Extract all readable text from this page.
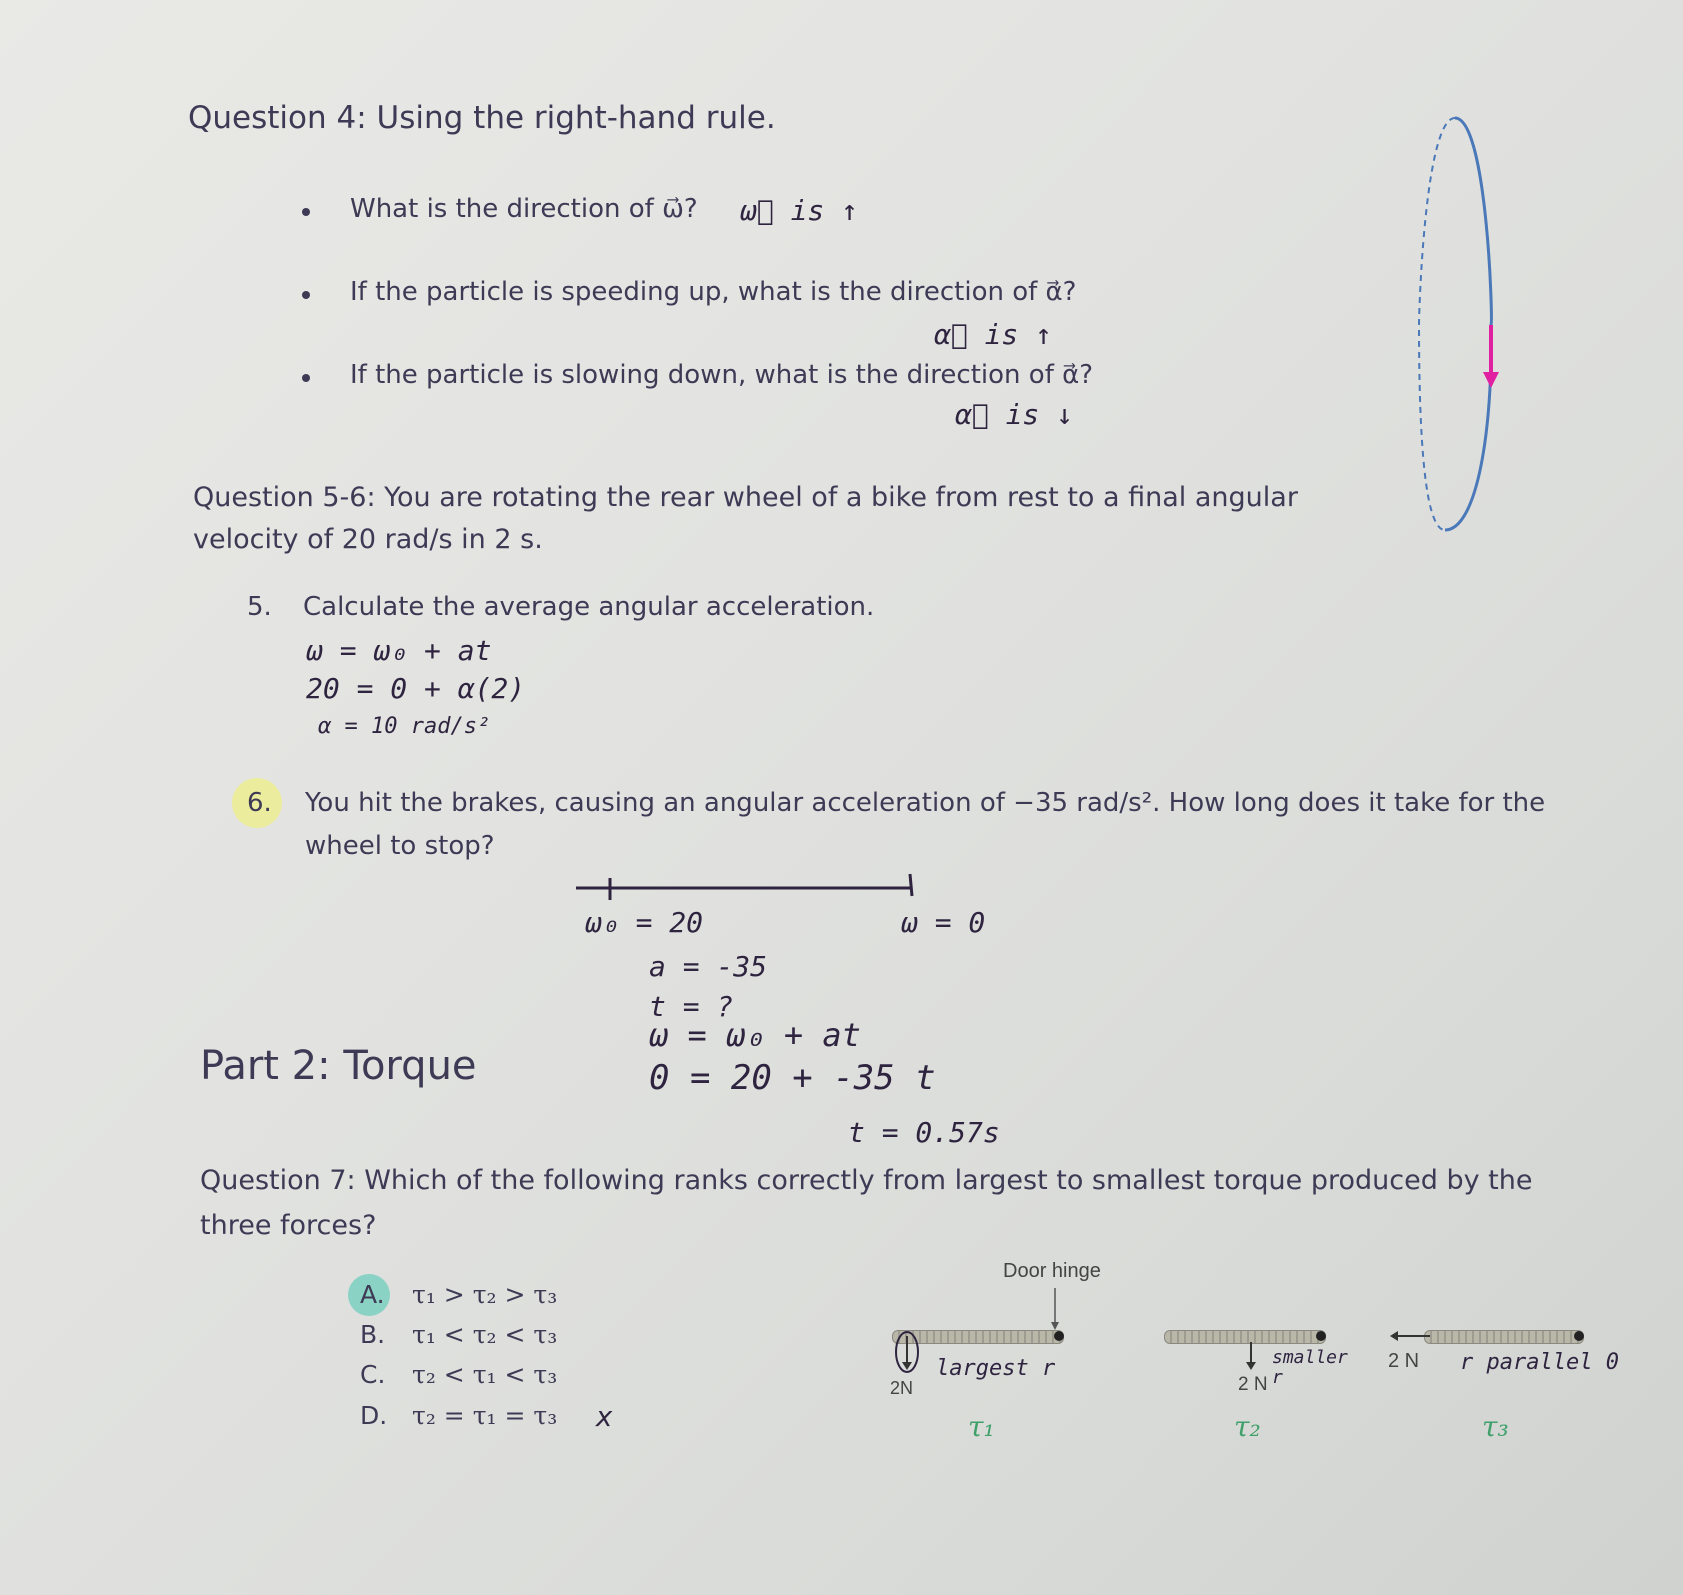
Question 4: Using the right-hand rule.
What is the direction of ω⃗? ω⃗ is ↑
If the particle is speeding up, what is the direction of α⃗?
α⃗ is ↑
If the particle is slowing down, what is the direction of α⃗?
α⃗ is ↓
Question 5-6: You are rotating the rear wheel of a bike from rest to a final angular
velocity of 20 rad/s in 2 s.
5. Calculate the average angular acceleration.
ω = ω₀ + at
20 = 0 + α(2)
α = 10 rad/s²
6. You hit the brakes, causing an angular acceleration of −35 rad/s². How long does it take for the
wheel to stop?
ω₀ = 20	ω = 0
a = -35
t = ?
ω = ω₀ + at
0 = 20 + -35 t
t = 0.57s
Part 2: Torque
Question 7: Which of the following ranks correctly from largest to smallest torque produced by the
three forces?
A. τ₁ > τ₂ > τ₃
B. τ₁ < τ₂ < τ₃
C. τ₂ < τ₁ < τ₃
D. τ₂ = τ₁ = τ₃ x
Door hinge
2N
largest r
τ₁
2 N
smaller r
τ₂
2 N r parallel 0
τ₃
